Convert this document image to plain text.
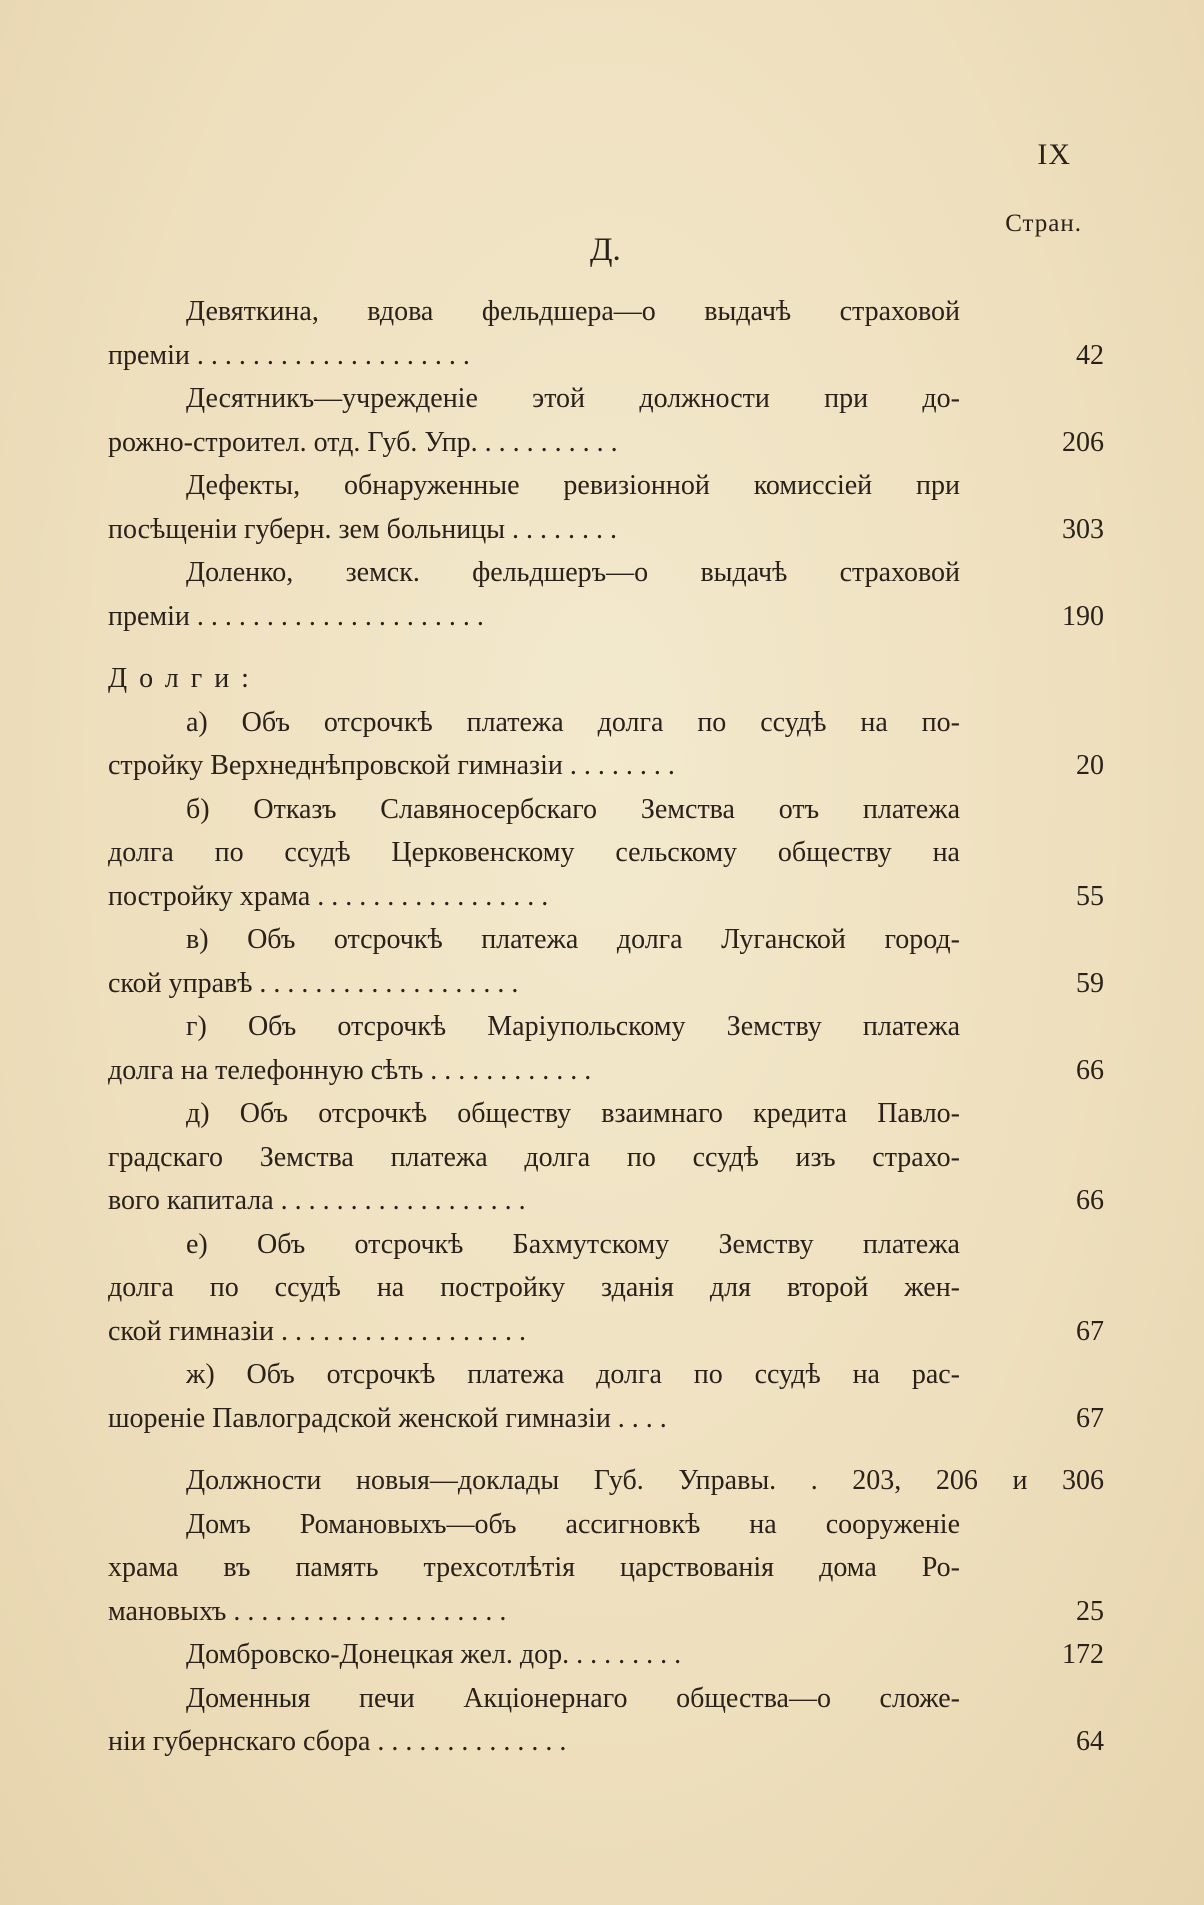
IX
Стран.
Д.
Девяткина, вдова фельдшера—о выдачѣ страховой
преміи . . . . . . . . . . . . . . . . . . . .	42
Десятникъ—учрежденіе этой должности при до-
рожно-строител. отд. Губ. Упр. . . . . . . . . . .	206
Дефекты, обнаруженные ревизіонной комиссіей при
посѣщеніи губерн. зем больницы . . . . . . . .	303
Доленко, земск. фельдшеръ—о выдачѣ страховой
преміи . . . . . . . . . . . . . . . . . . . . .	190
Долги:
а) Объ отсрочкѣ платежа долга по ссудѣ на по-
стройку Верхнеднѣпровской гимназіи . . . . . . . .	20
б) Отказъ Славяносербскаго Земства отъ платежа
долга по ссудѣ Церковенскому сельскому обществу на
постройку храма . . . . . . . . . . . . . . . . .	55
в) Объ отсрочкѣ платежа долга Луганской город-
ской управѣ . . . . . . . . . . . . . . . . . . .	59
г) Объ отсрочкѣ Маріупольскому Земству платежа
долга на телефонную сѣть . . . . . . . . . . . .	66
д) Объ отсрочкѣ обществу взаимнаго кредита Павло-
градскаго Земства платежа долга по ссудѣ изъ страхо-
вого капитала . . . . . . . . . . . . . . . . . .	66
е) Объ отсрочкѣ Бахмутскому Земству платежа
долга по ссудѣ на постройку зданія для второй жен-
ской гимназіи . . . . . . . . . . . . . . . . . .	67
ж) Объ отсрочкѣ платежа долга по ссудѣ на рас-
шореніе Павлоградской женской гимназіи . . . .	67
Должности новыя—доклады Губ. Управы. . 203, 206 и 306
Домъ Романовыхъ—объ ассигновкѣ на сооруженіе
храма въ память трехсотлѣтія царствованія дома Ро-
мановыхъ . . . . . . . . . . . . . . . . . . . .	25
Домбровско-Донецкая жел. дор. . . . . . . . .	172
Доменныя печи Акціонернаго общества—о сложе-
ніи губернскаго сбора . . . . . . . . . . . . . .	64
